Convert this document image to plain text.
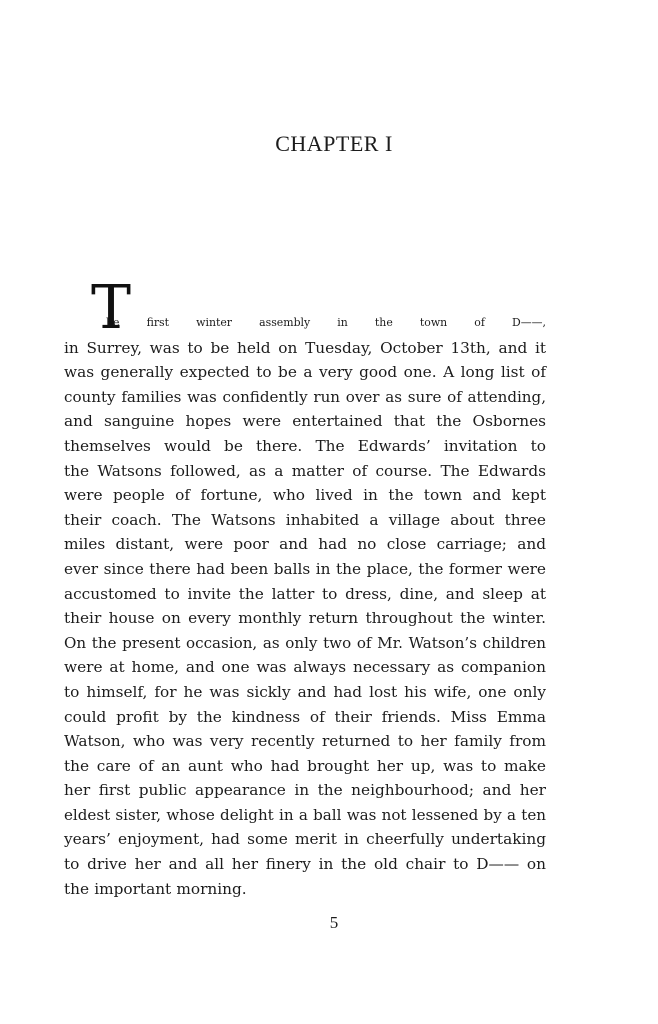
CHAPTER I
T
he first winter assembly in the town of D——,
in Surrey, was to be held on Tuesday, October 13th, and it
was generally expected to be a very good one. A long list of
county families was confidently run over as sure of attending,
and sanguine hopes were entertained that the Osbornes
themselves would be there. The Edwards’ invitation to
the Watsons followed, as a matter of course. The Edwards
were people of fortune, who lived in the town and kept
their coach. The Watsons inhabited a village about three
miles distant, were poor and had no close carriage; and
ever since there had been balls in the place, the former were
accustomed to invite the latter to dress, dine, and sleep at
their house on every monthly return throughout the winter.
On the present occasion, as only two of Mr. Watson’s children
were at home, and one was always necessary as companion
to himself, for he was sickly and had lost his wife, one only
could profit by the kindness of their friends. Miss Emma
Watson, who was very recently returned to her family from
the care of an aunt who had brought her up, was to make
her first public appearance in the neighbourhood; and her
eldest sister, whose delight in a ball was not lessened by a ten
years’ enjoyment, had some merit in cheerfully undertaking
to drive her and all her finery in the old chair to D—— on
the important morning.
5
